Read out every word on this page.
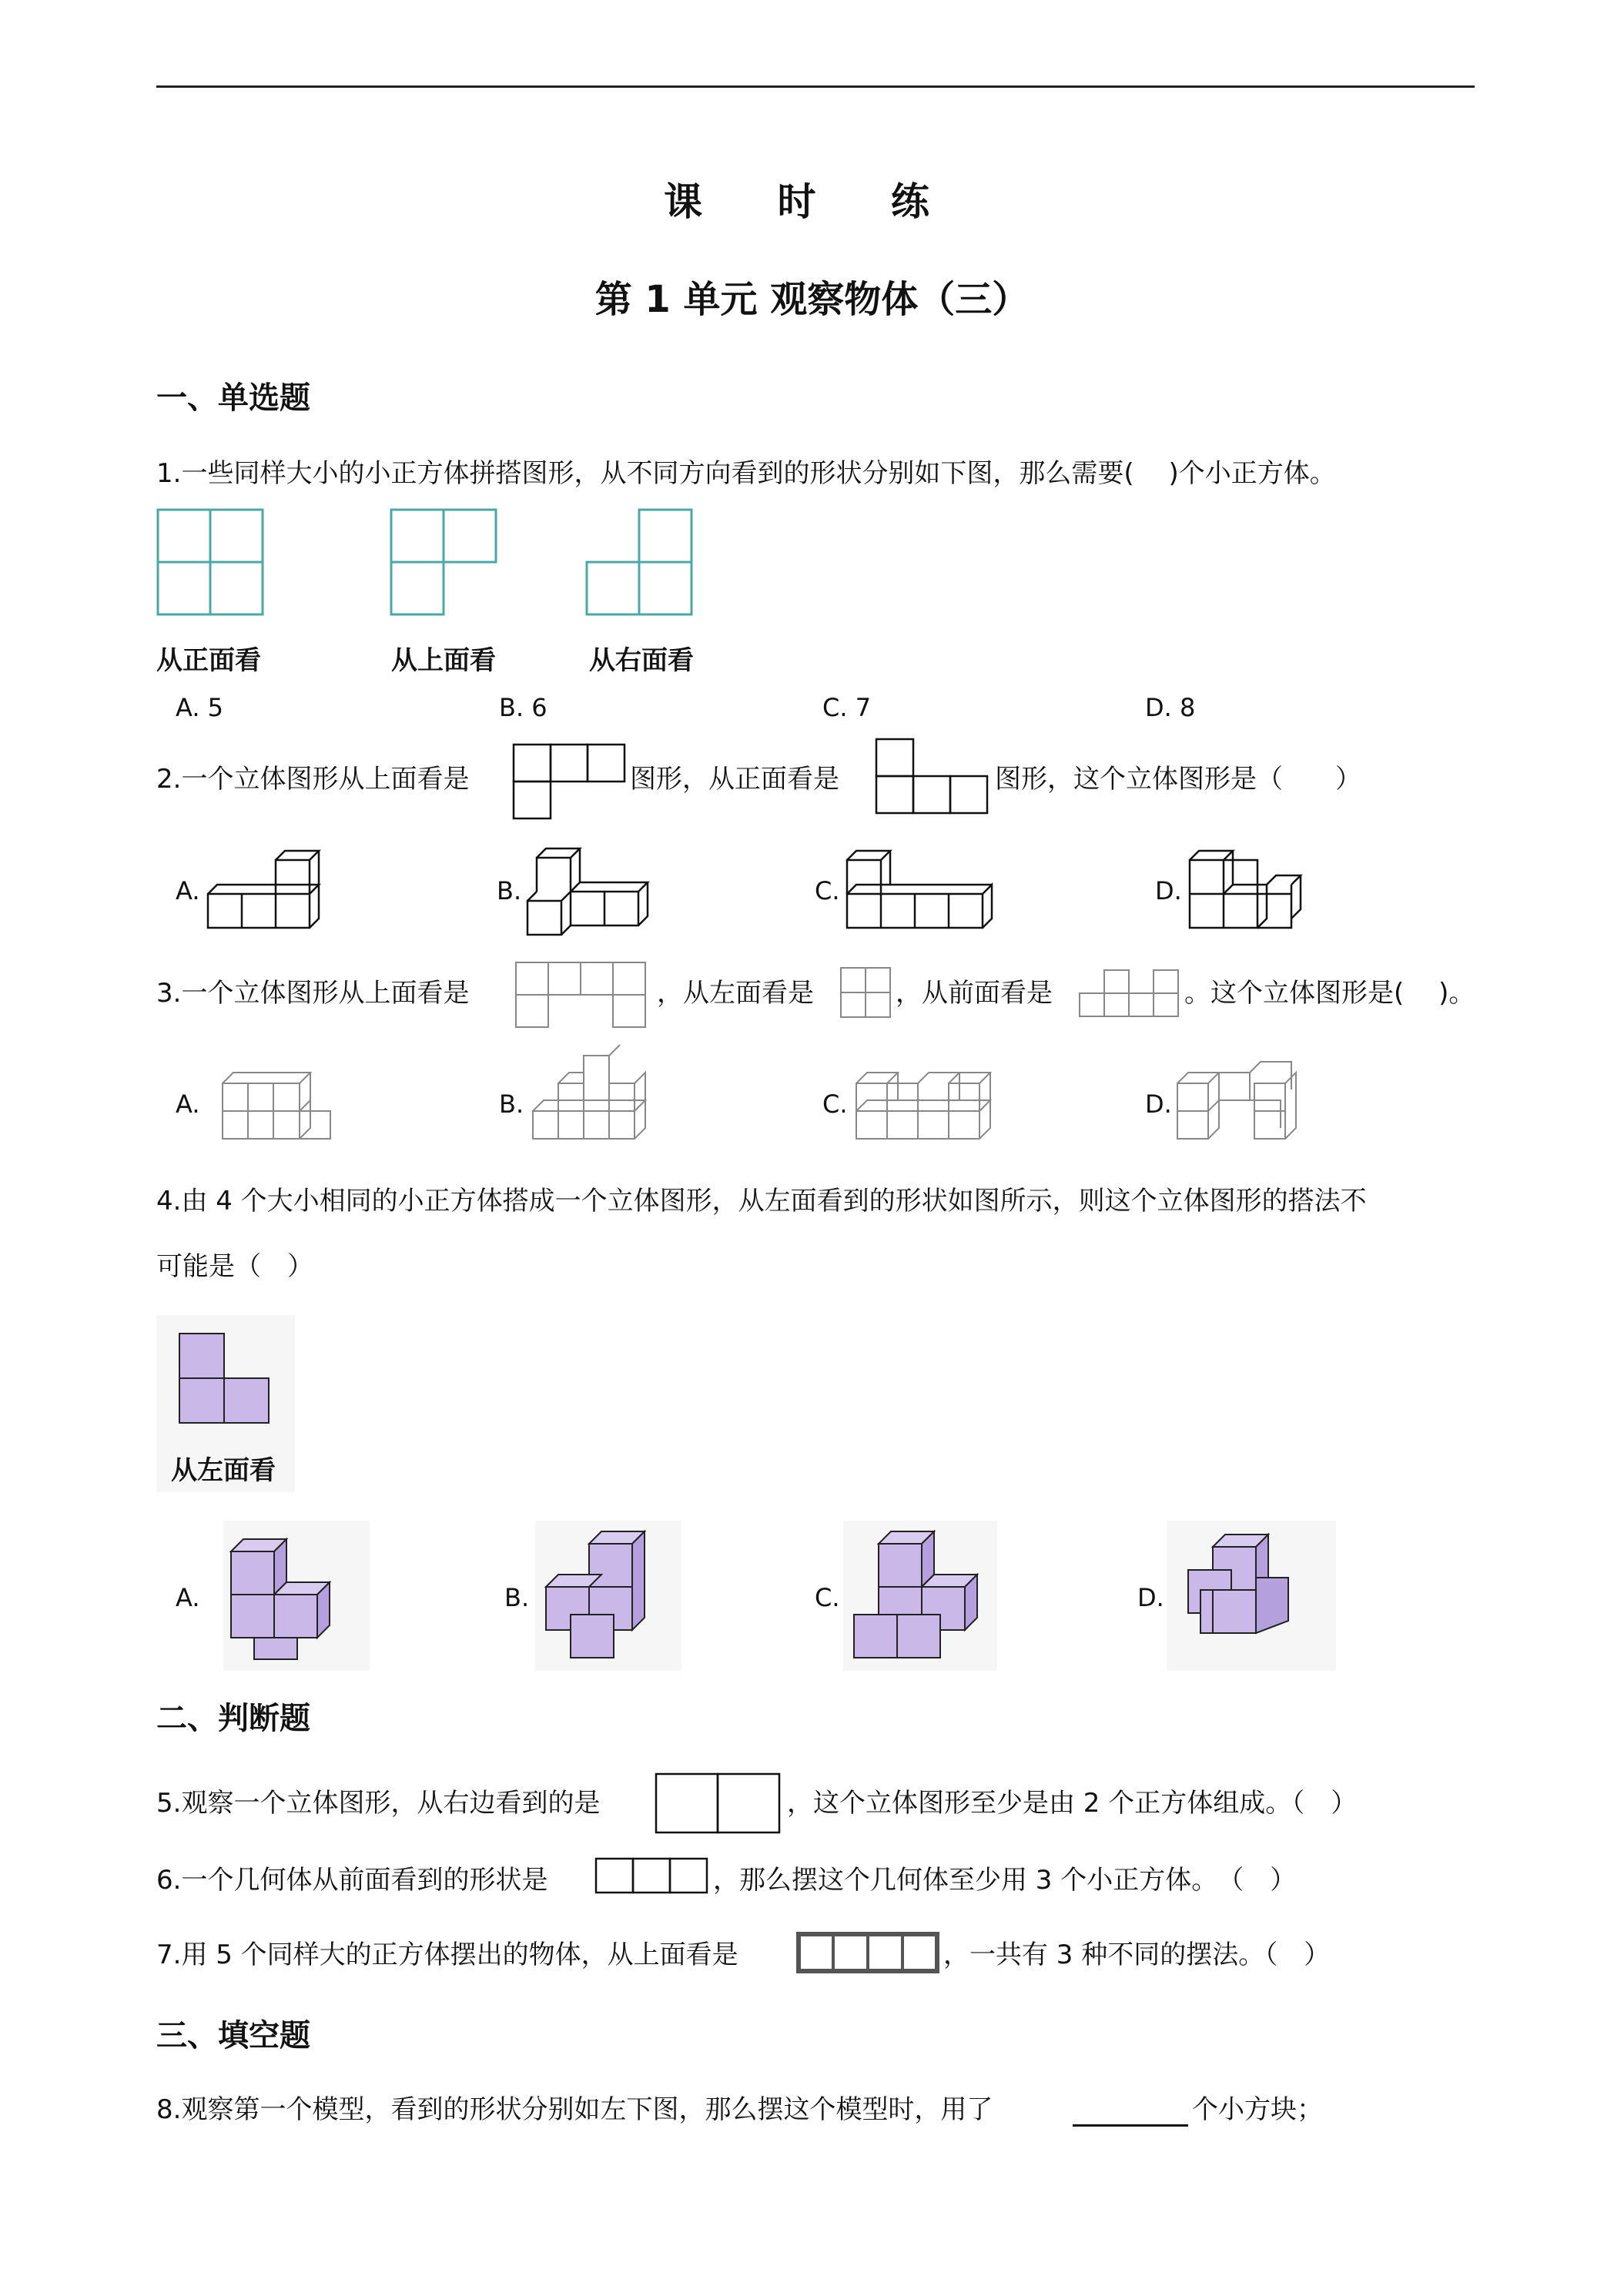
课 时 练
第 1 单元 观察物体（三）
一、单选题
1.一些同样大小的小正方体拼搭图形，从不同方向看到的形状分别如下图，那么需要(　 )个小正方体。
从正面看	从上面看	从右面看
A. 5	B. 6	C. 7	D. 8
2.一个立体图形从上面看是	图形，从正面看是	图形，这个立体图形是（　　）
A.	B.	C.	D.
3.一个立体图形从上面看是	，从左面看是	，从前面看是	。这个立体图形是(　 )。
A.	B.	C.	D.
4.由 4 个大小相同的小正方体搭成一个立体图形，从左面看到的形状如图所示，则这个立体图形的搭法不
可能是（　）
从左面看
A.	B.	C.	D.
二、判断题
5.观察一个立体图形，从右边看到的是	，这个立体图形至少是由 2 个正方体组成。（　）
6.一个几何体从前面看到的形状是	，那么摆这个几何体至少用 3 个小正方体。　（　）
7.用 5 个同样大的正方体摆出的物体，从上面看是	，一共有 3 种不同的摆法。（　）
三、填空题
8.观察第一个模型，看到的形状分别如左下图，那么摆这个模型时，用了	个小方块；
